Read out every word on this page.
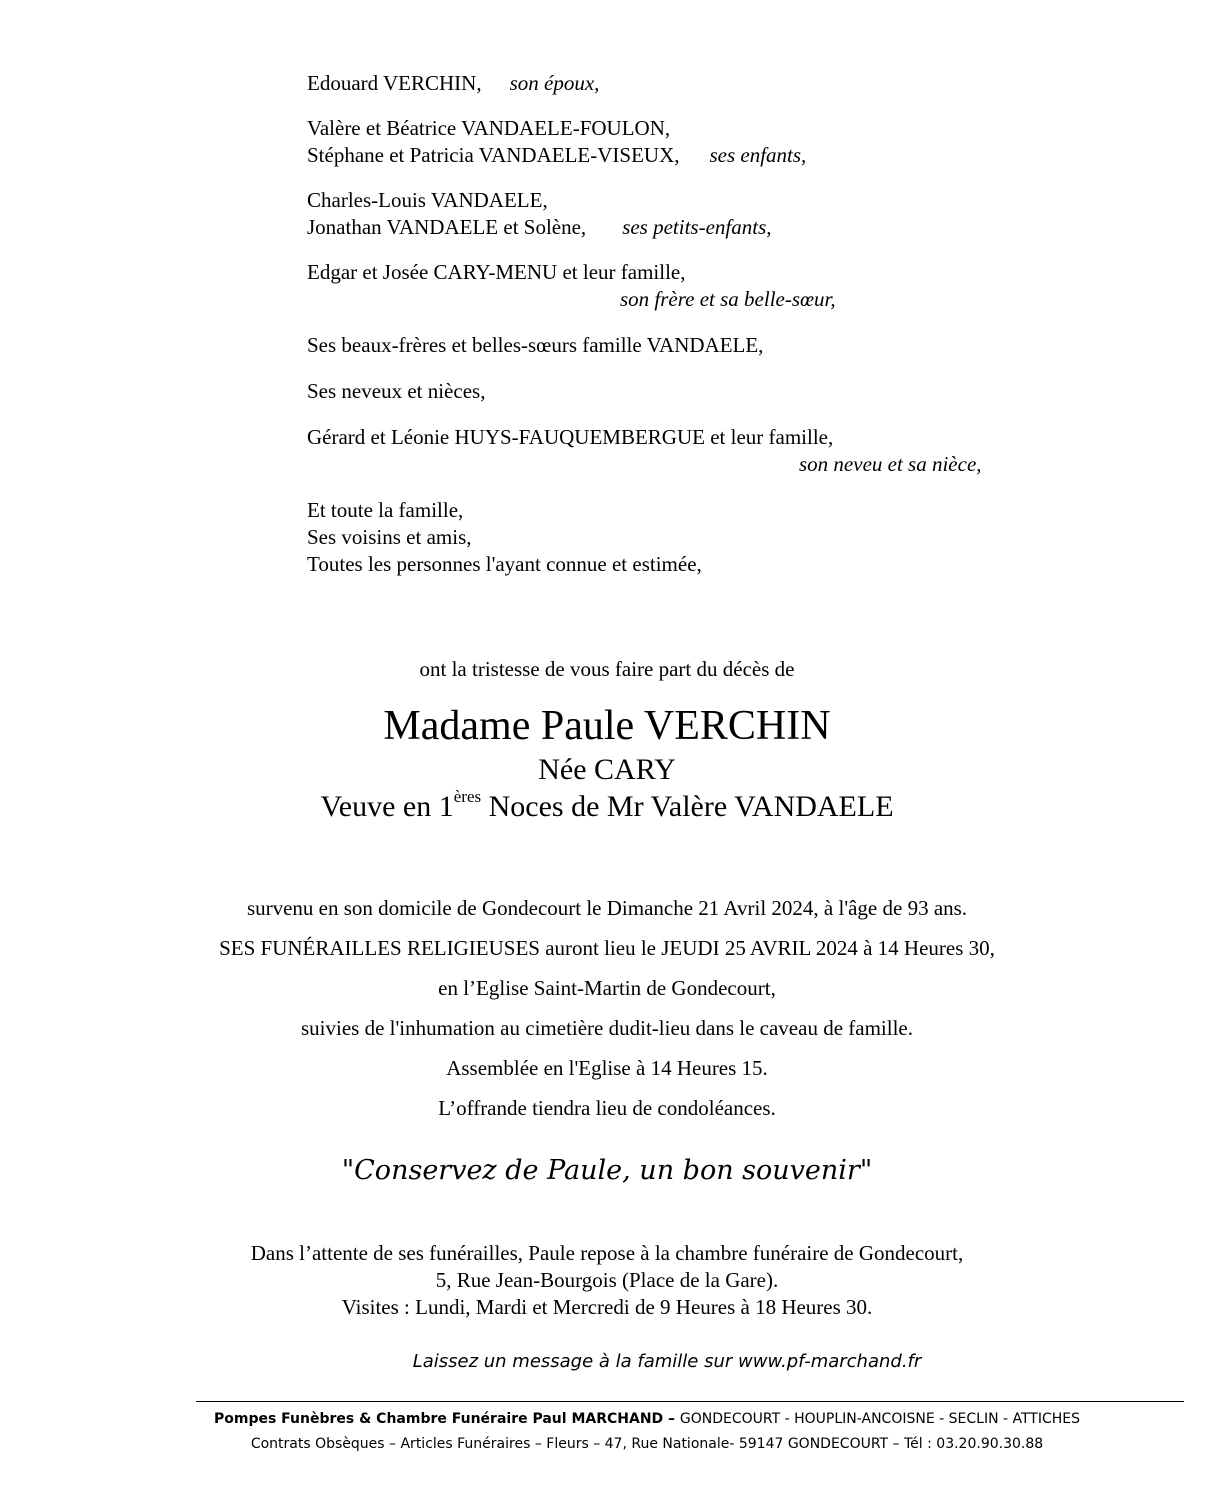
Edouard VERCHIN, son époux,
Valère et Béatrice VANDAELE-FOULON,
Stéphane et Patricia VANDAELE-VISEUX, ses enfants,
Charles-Louis VANDAELE,
Jonathan VANDAELE et Solène, ses petits-enfants,
Edgar et Josée CARY-MENU et leur famille,
son frère et sa belle-sœur,
Ses beaux-frères et belles-sœurs famille VANDAELE,
Ses neveux et nièces,
Gérard et Léonie HUYS-FAUQUEMBERGUE et leur famille,
son neveu et sa nièce,
Et toute la famille,
Ses voisins et amis,
Toutes les personnes l'ayant connue et estimée,
ont la tristesse de vous faire part du décès de
Madame Paule VERCHIN
Née CARY
Veuve en 1ères Noces de Mr Valère VANDAELE
survenu en son domicile de Gondecourt le Dimanche 21 Avril 2024, à l'âge de 93 ans.
SES FUNÉRAILLES RELIGIEUSES auront lieu le JEUDI 25 AVRIL 2024 à 14 Heures 30,
en l’Eglise Saint-Martin de Gondecourt,
suivies de l'inhumation au cimetière dudit-lieu dans le caveau de famille.
Assemblée en l'Eglise à 14 Heures 15.
L’offrande tiendra lieu de condoléances.
"Conservez de Paule, un bon souvenir"
Dans l’attente de ses funérailles, Paule repose à la chambre funéraire de Gondecourt,
5, Rue Jean-Bourgois (Place de la Gare).
Visites : Lundi, Mardi et Mercredi de 9 Heures à 18 Heures 30.
Laissez un message à la famille sur www.pf-marchand.fr
Pompes Funèbres & Chambre Funéraire Paul MARCHAND – GONDECOURT - HOUPLIN-ANCOISNE - SECLIN - ATTICHES
Contrats Obsèques – Articles Funéraires – Fleurs – 47, Rue Nationale- 59147 GONDECOURT – Tél : 03.20.90.30.88
